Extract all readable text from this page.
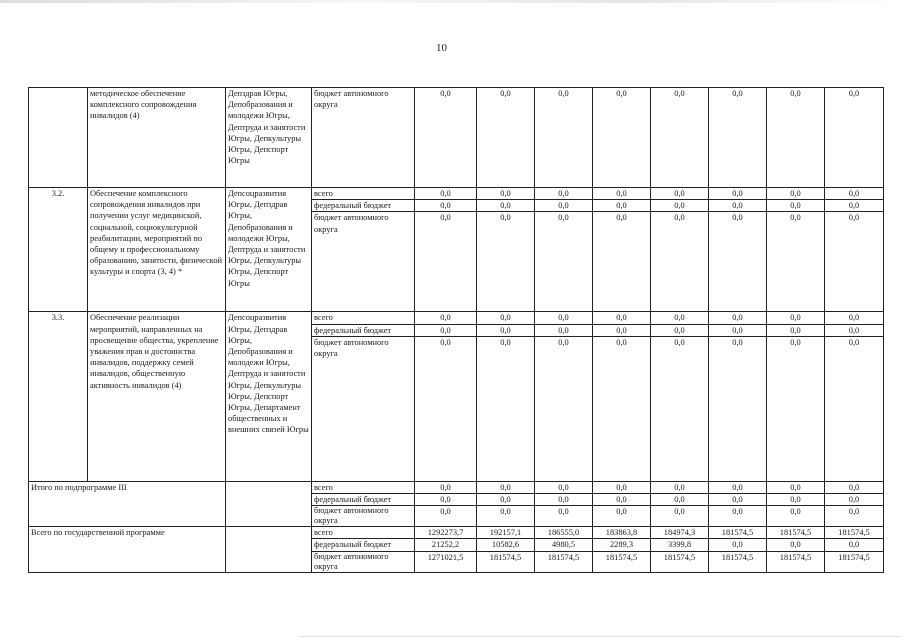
10
	методическое обеспечение комплексного сопровождения инвалидов (4)	Депздрав Югры, Депобразования и молодежи Югры, Дептруда и занятости Югры, Депкультуры Югры, Депспорт Югры	бюджет автономного округа	0,0	0,0	0,0	0,0	0,0	0,0	0,0	0,0
3.2.	Обеспечение комплексного сопровождения инвалидов при получении услуг медицинской, социальной, социокультурной реабилитации, мероприятий по общему и профессиональному образованию, занятости, физической культуры и спорта (3, 4) *	Депсоцразвития Югры, Депздрав Югры, Депобразования и молодежи Югры, Дептруда и занятости Югры, Депкультуры Югры, Депспорт Югры	всего	0,0	0,0	0,0	0,0	0,0	0,0	0,0	0,0
			федеральный бюджет	0,0	0,0	0,0	0,0	0,0	0,0	0,0	0,0
			бюджет автономного округа	0,0	0,0	0,0	0,0	0,0	0,0	0,0	0,0
3.3.	Обеспечение реализации мероприятий, направленных на просвещение общества, укрепление уважения прав и достоинства инвалидов, поддержку семей инвалидов, общественную активность инвалидов (4)	Депсоцразвития Югры, Депздрав Югры, Депобразования и молодежи Югры, Дептруда и занятости Югры, Депкультуры Югры, Депспорт Югры, Департамент общественных и внешних связей Югры	всего	0,0	0,0	0,0	0,0	0,0	0,0	0,0	0,0
			федеральный бюджет	0,0	0,0	0,0	0,0	0,0	0,0	0,0	0,0
			бюджет автономного округа	0,0	0,0	0,0	0,0	0,0	0,0	0,0	0,0
Итого по подпрограмме III			всего	0,0	0,0	0,0	0,0	0,0	0,0	0,0	0,0
			федеральный бюджет	0,0	0,0	0,0	0,0	0,0	0,0	0,0	0,0
			бюджет автономного округа	0,0	0,0	0,0	0,0	0,0	0,0	0,0	0,0
Всего по государственной программе			всего	1292273,7	192157,1	186555,0	183863,8	184974,3	181574,5	181574,5	181574,5
			федеральный бюджет	21252,2	10582,6	4980,5	2289,3	3399,8	0,0	0,0	0,0
			бюджет автономного округа	1271021,5	181574,5	181574,5	181574,5	181574,5	181574,5	181574,5	181574,5
